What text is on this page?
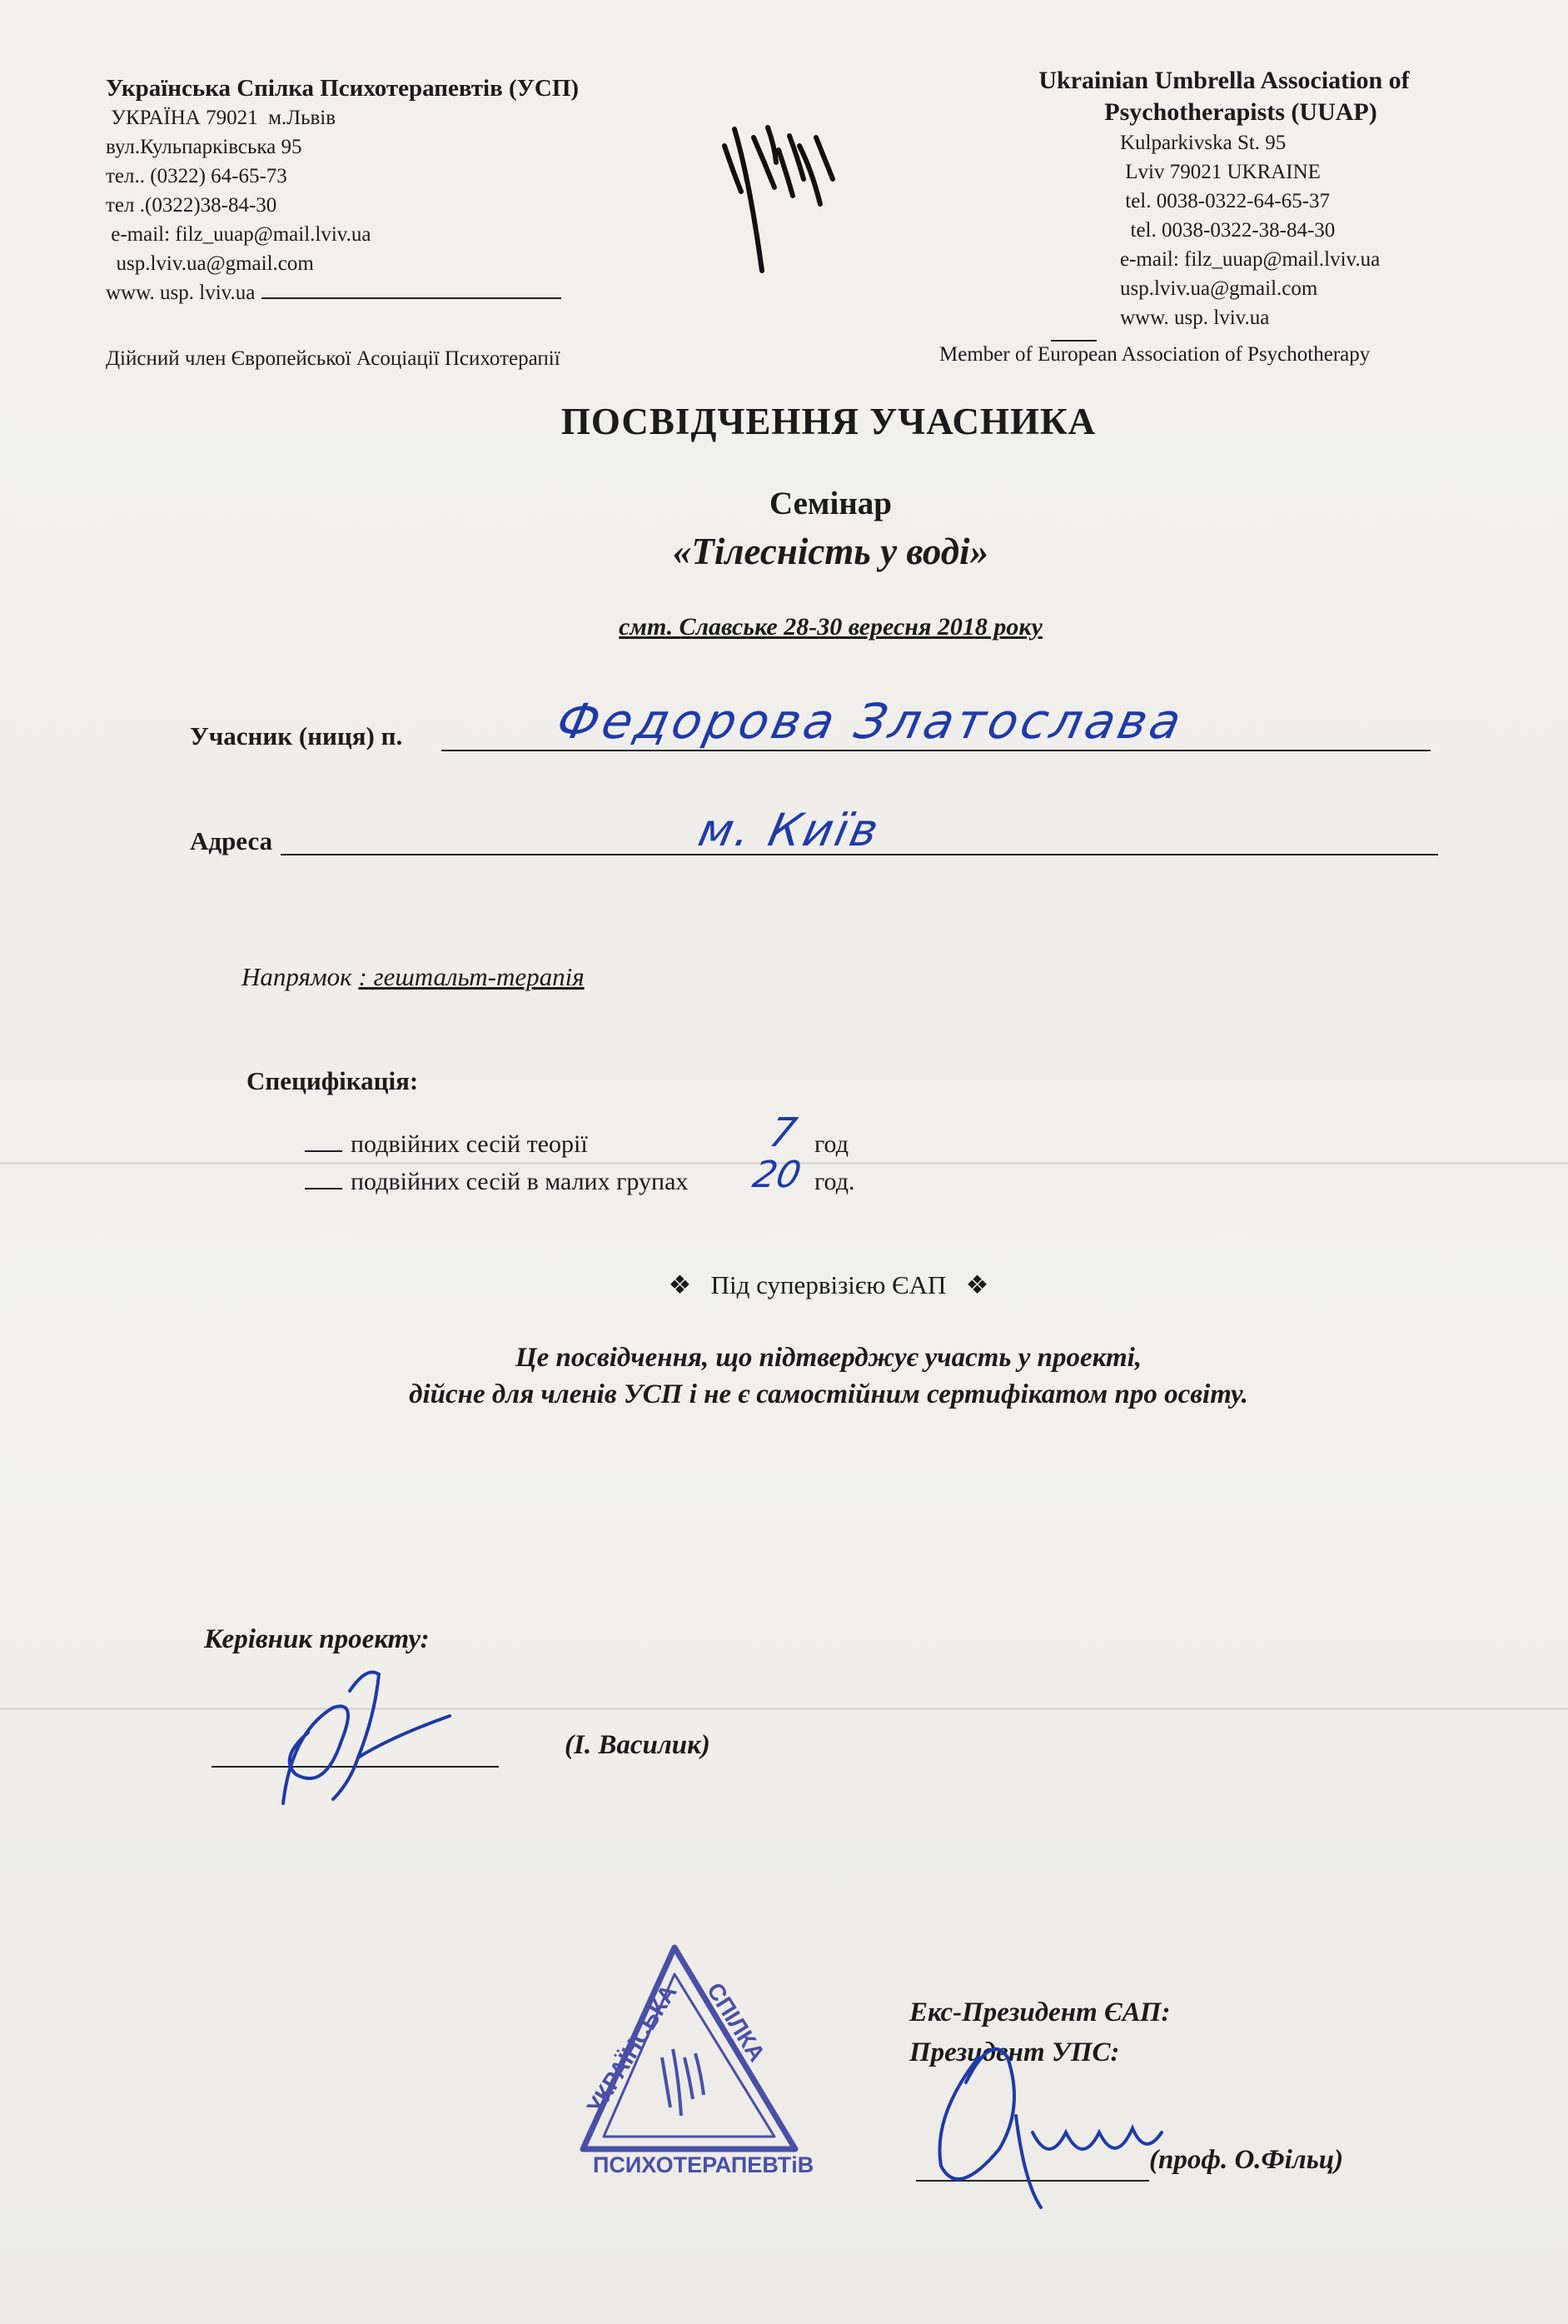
Українська Спілка Психотерапевтів (УСП)
УКРАЇНА 79021  м.Львів
вул.Кульпарківська 95
тел.. (0322) 64-65-73
тел .(0322)38-84-30
e-mail: filz_uuap@mail.lviv.ua
usp.lviv.ua@gmail.com
www. usp. lviv.ua
Дійсний член Європейської Асоціації Психотерапії
Ukrainian Umbrella Association of
Psychotherapists (UUAP)
Kulparkivska St. 95
Lviv 79021 UKRAINE
tel. 0038-0322-64-65-37
tel. 0038-0322-38-84-30
e-mail: filz_uuap@mail.lviv.ua
usp.lviv.ua@gmail.com
www. usp. lviv.ua
Member of European Association of Psychotherapy
ПОСВІДЧЕННЯ УЧАСНИКА
Семінар
«Тілесність у воді»
смт. Славське 28-30 вересня 2018 року
Учасник (ниця) п.	Федорова Златослава
Адреса	м. Київ
Напрямок : гештальт-терапія
Специфікація:
подвійних сесій теорії	7 год
подвійних сесій в малих групах 20 год.
❖ Під супервізією ЄАП ❖
Це посвідчення, що підтверджує участь у проекті,
дійсне для членів УСП і не є самостійним сертифікатом про освіту.
Керівник проекту:
(І. Василик)
Екс-Президент ЄАП:
Президент УПС:
(проф. О.Фільц)
УКРАЇНСЬКА СПІЛКА
ПСИХОТЕРАПЕВТіВ
